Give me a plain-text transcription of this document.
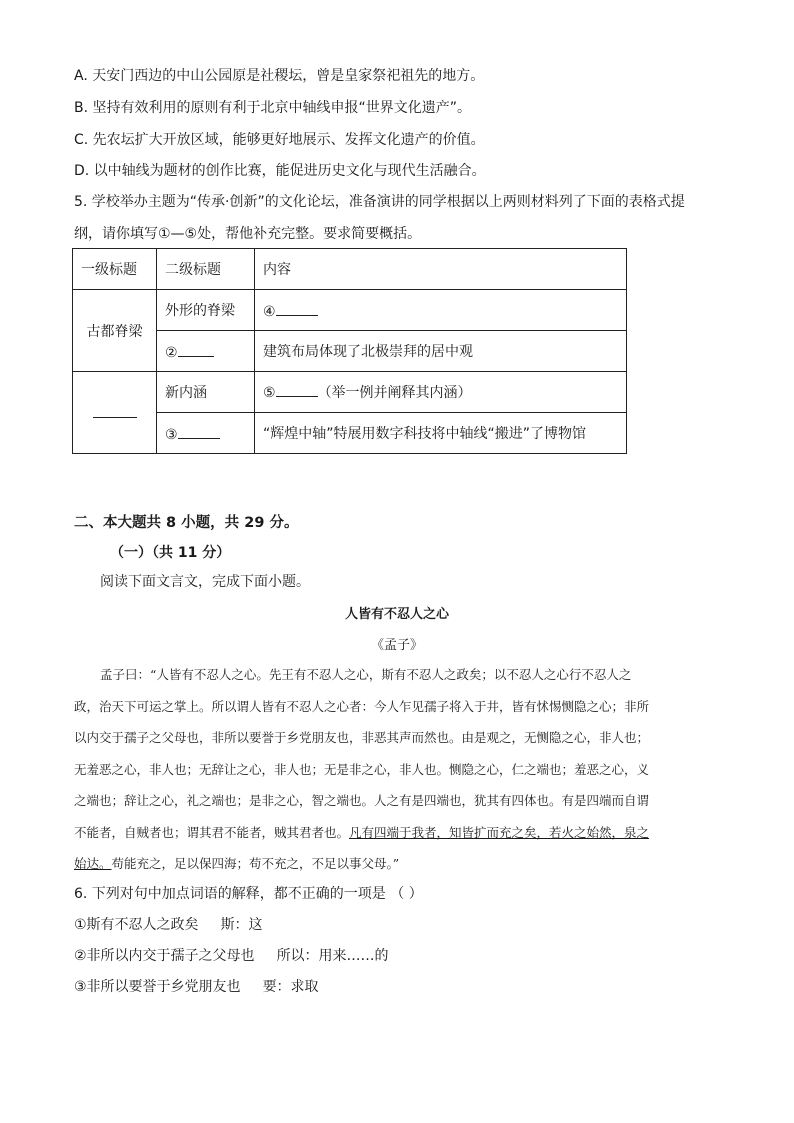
A. 天安门西边的中山公园原是社稷坛，曾是皇家祭祀祖先的地方。
B. 坚持有效利用的原则有利于北京中轴线申报“世界文化遗产”。
C. 先农坛扩大开放区域，能够更好地展示、发挥文化遗产的价值。
D. 以中轴线为题材的创作比赛，能促进历史文化与现代生活融合。
5. 学校举办主题为“传承·创新”的文化论坛，准备演讲的同学根据以上两则材料列了下面的表格式提
纲，请你填写①—⑤处，帮他补充完整。要求简要概括。
一级标题	二级标题	内容
古都脊梁	外形的脊梁	④
	②	建筑布局体现了北极崇拜的居中观
	新内涵	⑤ （举一例并阐释其内涵）
	③	“辉煌中轴”特展用数字科技将中轴线“搬进”了博物馆
二、本大题共 8 小题，共 29 分。
（一）（共 11 分）
阅读下面文言文，完成下面小题。
人皆有不忍人之心
《孟子》
孟子曰：“人皆有不忍人之心。先王有不忍人之心，斯有不忍人之政矣；以不忍人之心行不忍人之
政，治天下可运之掌上。所以谓人皆有不忍人之心者：今人乍见孺子将入于井，皆有怵惕恻隐之心；非所
以内交于孺子之父母也，非所以要誉于乡党朋友也，非恶其声而然也。由是观之，无恻隐之心，非人也；
无羞恶之心，非人也；无辞让之心，非人也；无是非之心，非人也。恻隐之心，仁之端也；羞恶之心，义
之端也；辞让之心，礼之端也；是非之心，智之端也。人之有是四端也，犹其有四体也。有是四端而自谓
不能者，自贼者也；谓其君不能者，贼其君者也。凡有四端于我者，知皆扩而充之矣，若火之始然，泉之
始达。苟能充之，足以保四海；苟不充之，不足以事父母。”
6. 下列对句中加点词语的解释，都不正确的一项是 （ ）
①斯有不忍人之政矣 斯：这
②非所以内交于孺子之父母也 所以：用来……的
③非所以要誉于乡党朋友也 要：求取
